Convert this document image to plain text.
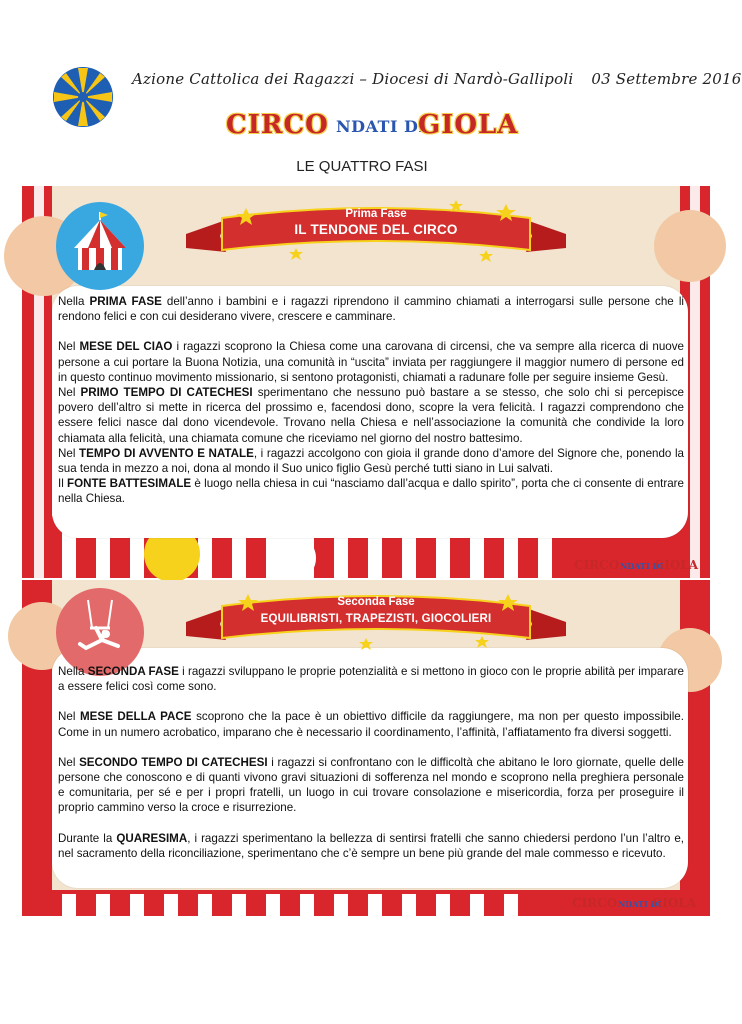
Azione Cattolica dei Ragazzi – Diocesi di Nardò-Gallipoli 03 Settembre 2016
CIRCO NDATI DI
GIOLA
LE QUATTRO FASI
Prima Fase
IL TENDONE DEL CIRCO

Nella PRIMA FASE dell’anno i bambini e i ragazzi riprendono il cammino chiamati a interrogarsi sulle persone che li rendono felici e con cui desiderano vivere, crescere e camminare.

Nel MESE DEL CIAO i ragazzi scoprono la Chiesa come una carovana di circensi, che va sempre alla ricerca di nuove persone a cui portare la Buona Notizia, una comunità in “uscita” inviata per raggiungere il maggior numero di persone ed in questo continuo movimento missionario, si sentono protagonisti, chiamati a radunare folle per seguire insieme Gesù.

Nel PRIMO TEMPO DI CATECHESI sperimentano che nessuno può bastare a se stesso, che solo chi si percepisce povero dell’altro si mette in ricerca del prossimo e, facendosi dono, scopre la vera felicità. I ragazzi comprendono che essere felici nasce dal dono vicendevole. Trovano nella Chiesa e nell’associazione la comunità che condivide la loro chiamata alla felicità, una chiamata comune che riceviamo nel giorno del nostro battesimo.

Nel TEMPO DI AVVENTO E NATALE, i ragazzi accolgono con gioia il grande dono d’amore del Signore che, ponendo la sua tenda in mezzo a noi, dona al mondo il Suo unico figlio Gesù perché tutti siano in Lui salvati.

Il FONTE BATTESIMALE è luogo nella chiesa in cui “nasciamo dall’acqua e dallo spirito”, porta che ci consente di entrare nella Chiesa.

CIRCO NDATI DI
GIOLA
Seconda Fase
EQUILIBRISTI, TRAPEZISTI, GIOCOLIERI

Nella SECONDA FASE i ragazzi sviluppano le proprie potenzialità e si mettono in gioco con le proprie abilità per imparare a essere felici così come sono.

Nel MESE DELLA PACE scoprono che la pace è un obiettivo difficile da raggiungere, ma non per questo impossibile. Come in un numero acrobatico, imparano che è necessario il coordinamento, l’affinità, l’affiatamento fra diversi soggetti.

Nel SECONDO TEMPO DI CATECHESI i ragazzi si confrontano con le difficoltà che abitano le loro giornate, quelle delle persone che conoscono e di quanti vivono gravi situazioni di sofferenza nel mondo e scoprono nella preghiera personale e comunitaria, per sé e per i propri fratelli, un luogo in cui trovare consolazione e misericordia, forza per proseguire il proprio cammino verso la croce e risurrezione.

Durante la QUARESIMA, i ragazzi sperimentano la bellezza di sentirsi fratelli che sanno chiedersi perdono l’un l’altro e, nel sacramento della riconciliazione, sperimentano che c’è sempre un bene più grande del male commesso e ricevuto.

CIRCO NDATI DI
GIOLA
